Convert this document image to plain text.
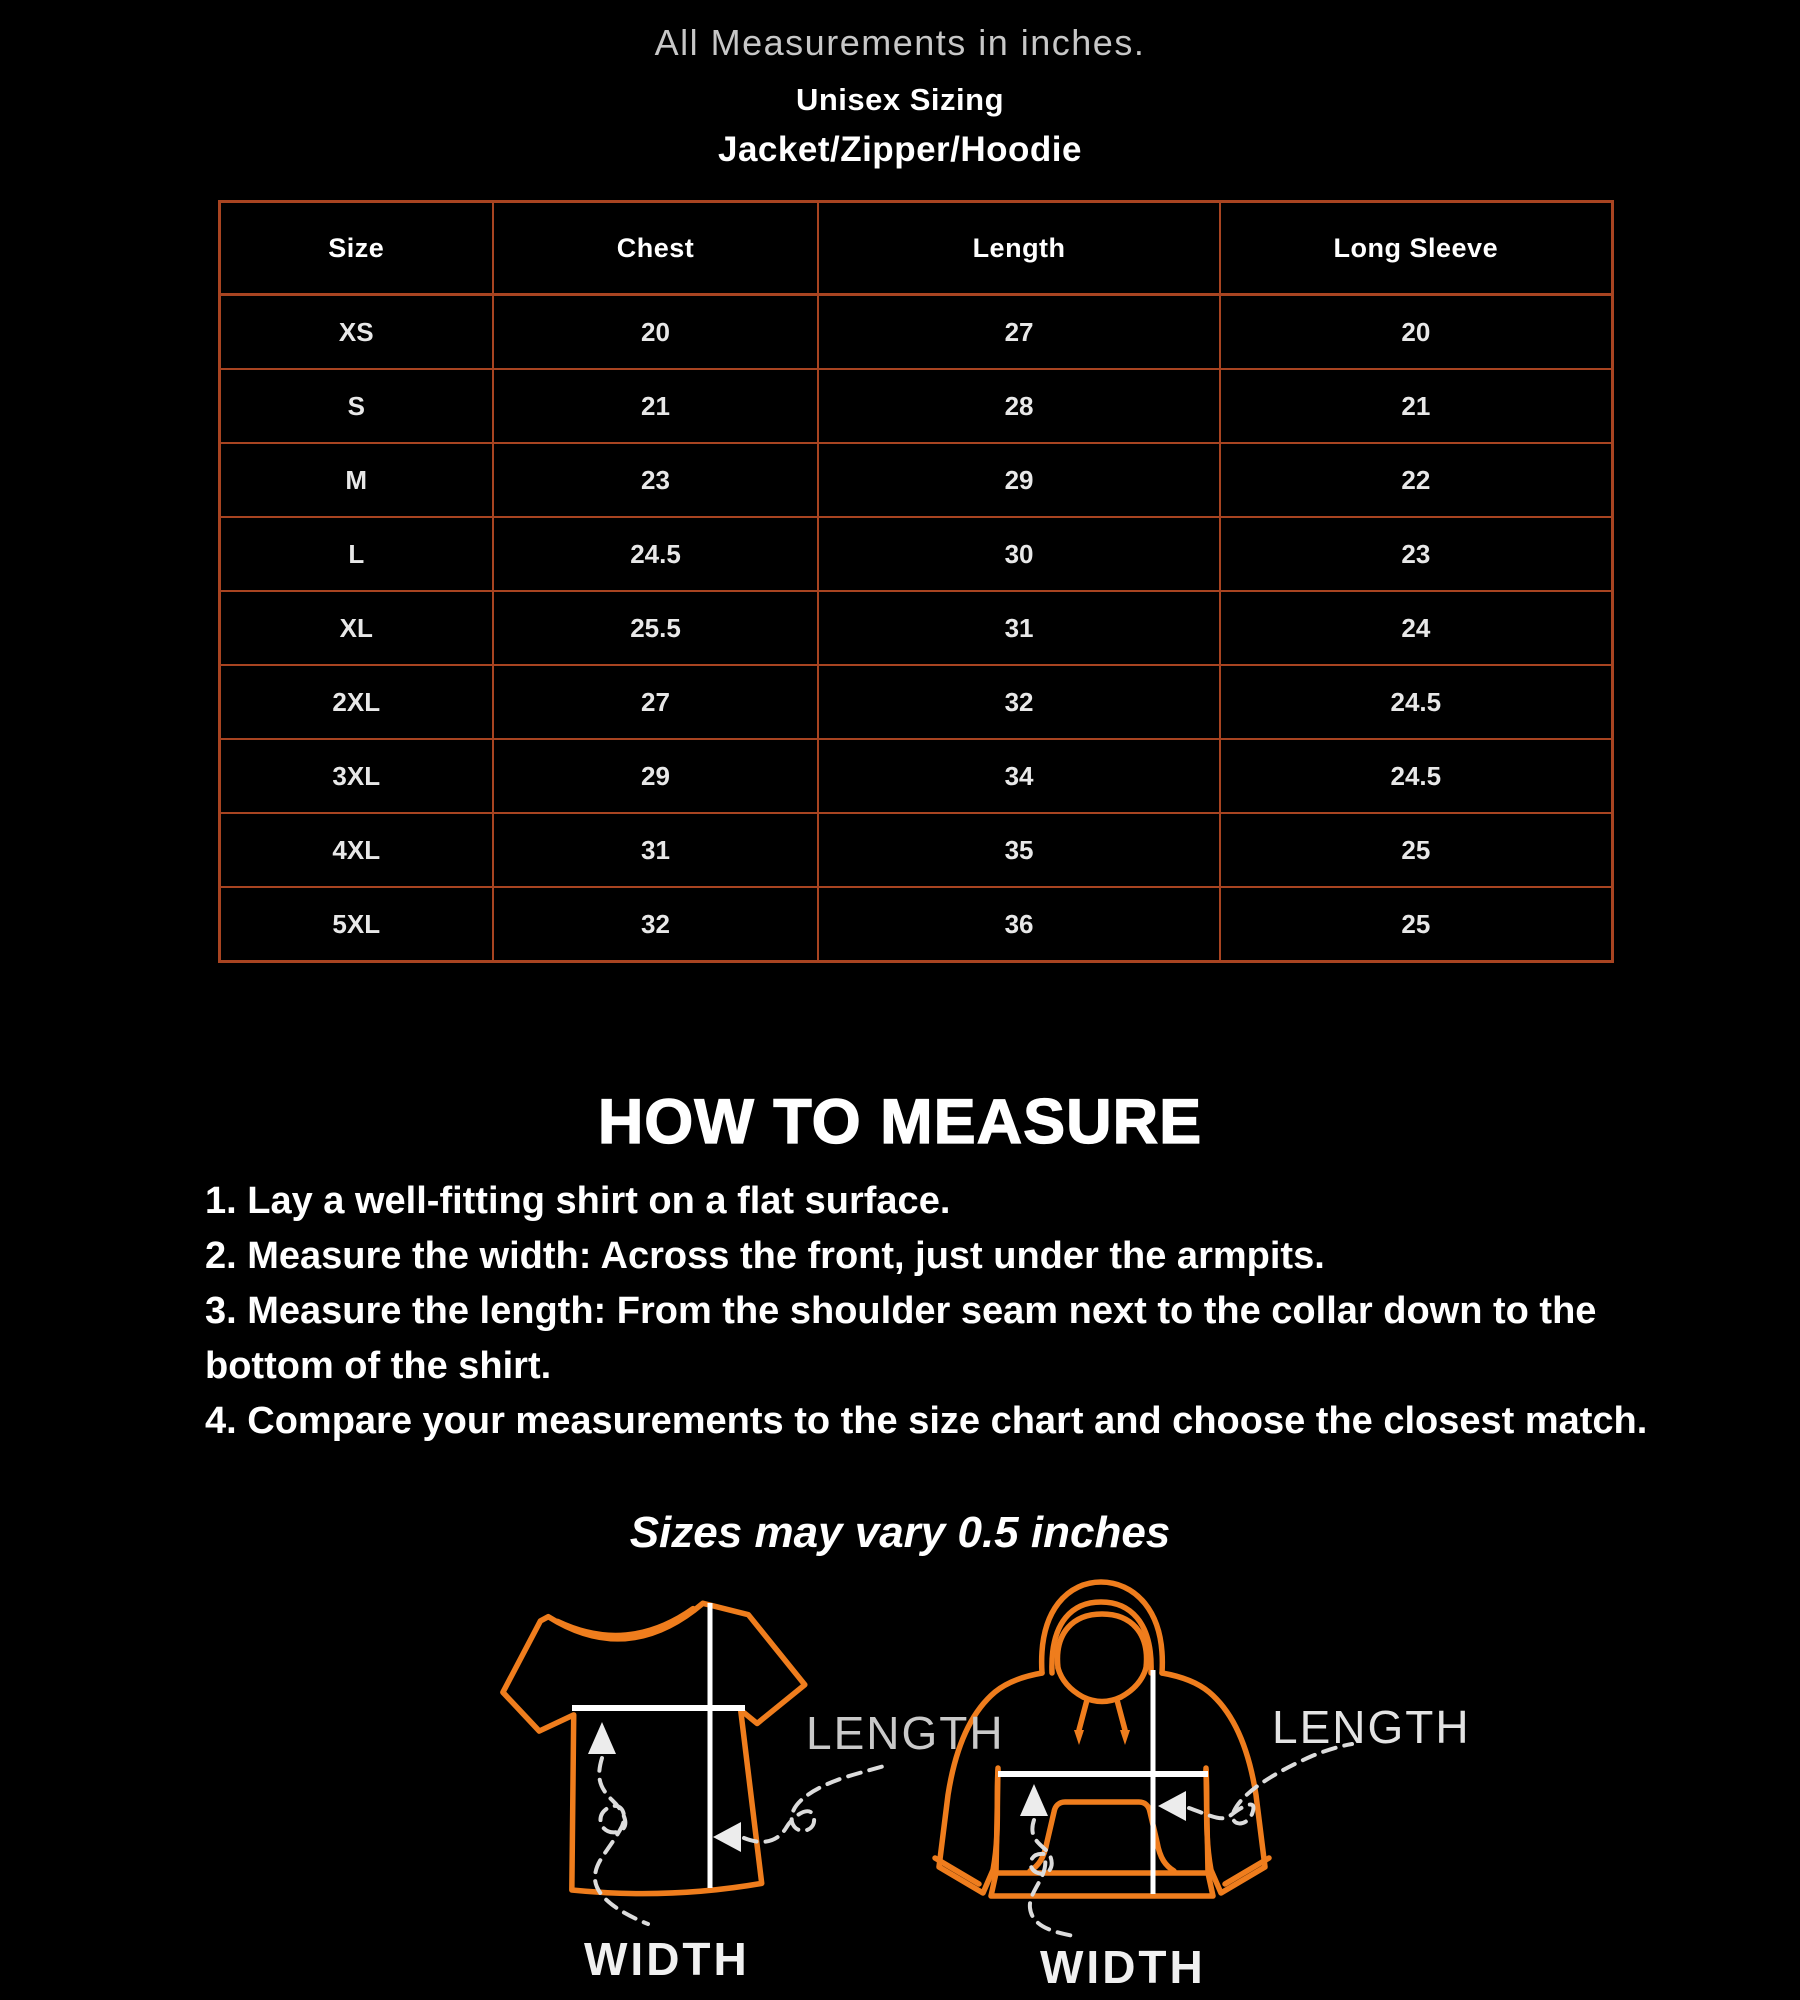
All Measurements in inches.
Unisex Sizing
Jacket/Zipper/Hoodie
Size	Chest	Length	Long Sleeve
XS	20	27	20
S	21	28	21
M	23	29	22
L	24.5	30	23
XL	25.5	31	24
2XL	27	32	24.5
3XL	29	34	24.5
4XL	31	35	25
5XL	32	36	25
HOW TO MEASURE

1. Lay a well-fitting shirt on a flat surface.

2. Measure the width: Across the front, just under the armpits.

3. Measure the length: From the shoulder seam next to the collar down to the bottom of the shirt.

4. Compare your measurements to the size chart and choose the closest match.

Sizes may vary 0.5 inches
LENGTH
WIDTH
LENGTH
WIDTH
